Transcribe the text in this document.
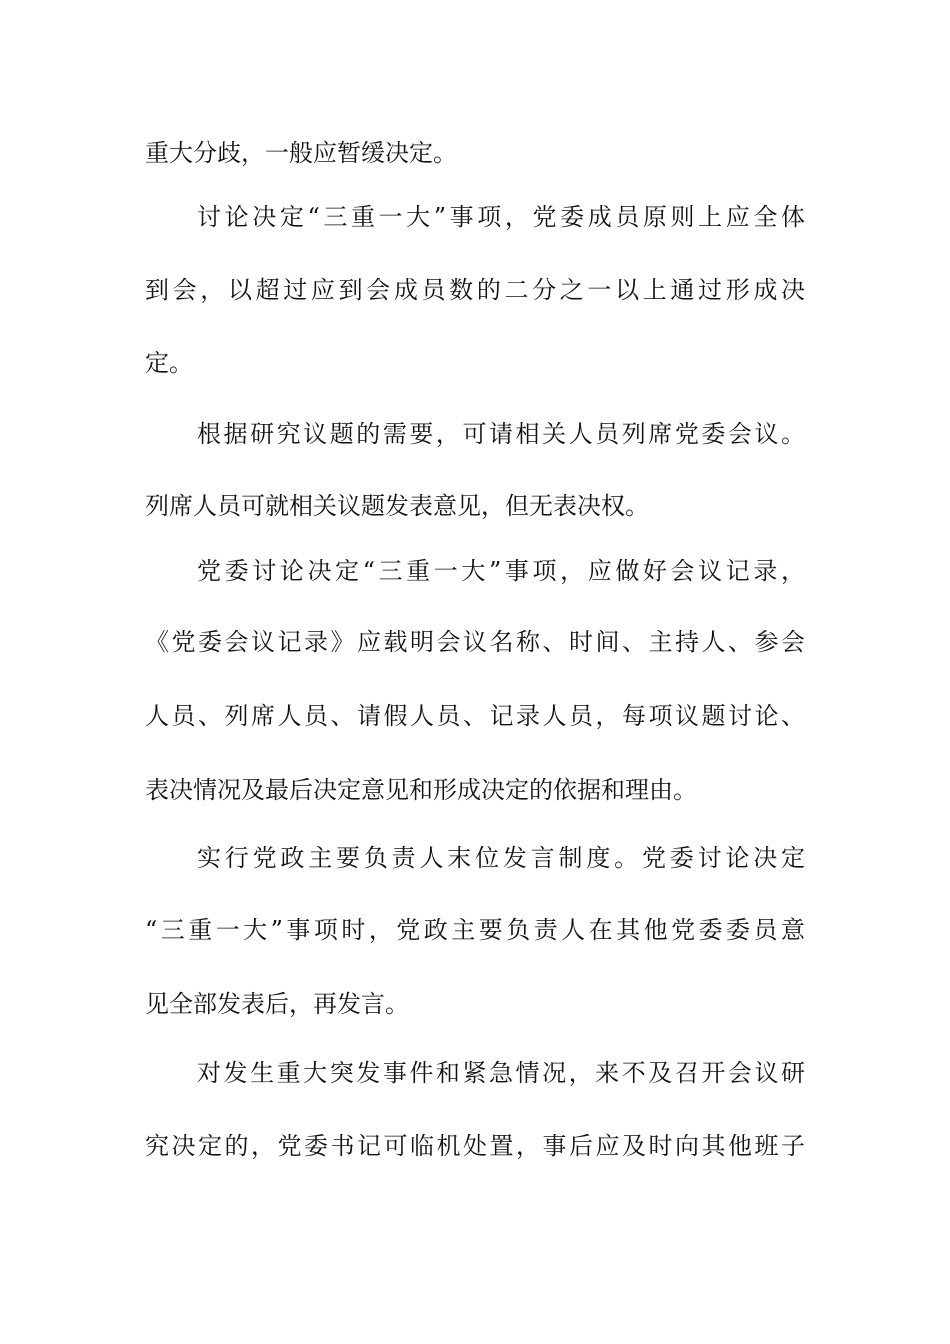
重大分歧，一般应暂缓决定。
讨论决定“三重一大”事项，党委成员原则上应全体
到会，以超过应到会成员数的二分之一以上通过形成决
定。
根据研究议题的需要，可请相关人员列席党委会议。
列席人员可就相关议题发表意见，但无表决权。
党委讨论决定“三重一大”事项，应做好会议记录，
《党委会议记录》应载明会议名称、时间、主持人、参会
人员、列席人员、请假人员、记录人员，每项议题讨论、
表决情况及最后决定意见和形成决定的依据和理由。
实行党政主要负责人末位发言制度。党委讨论决定
“三重一大”事项时，党政主要负责人在其他党委委员意
见全部发表后，再发言。
对发生重大突发事件和紧急情况，来不及召开会议研
究决定的，党委书记可临机处置，事后应及时向其他班子
